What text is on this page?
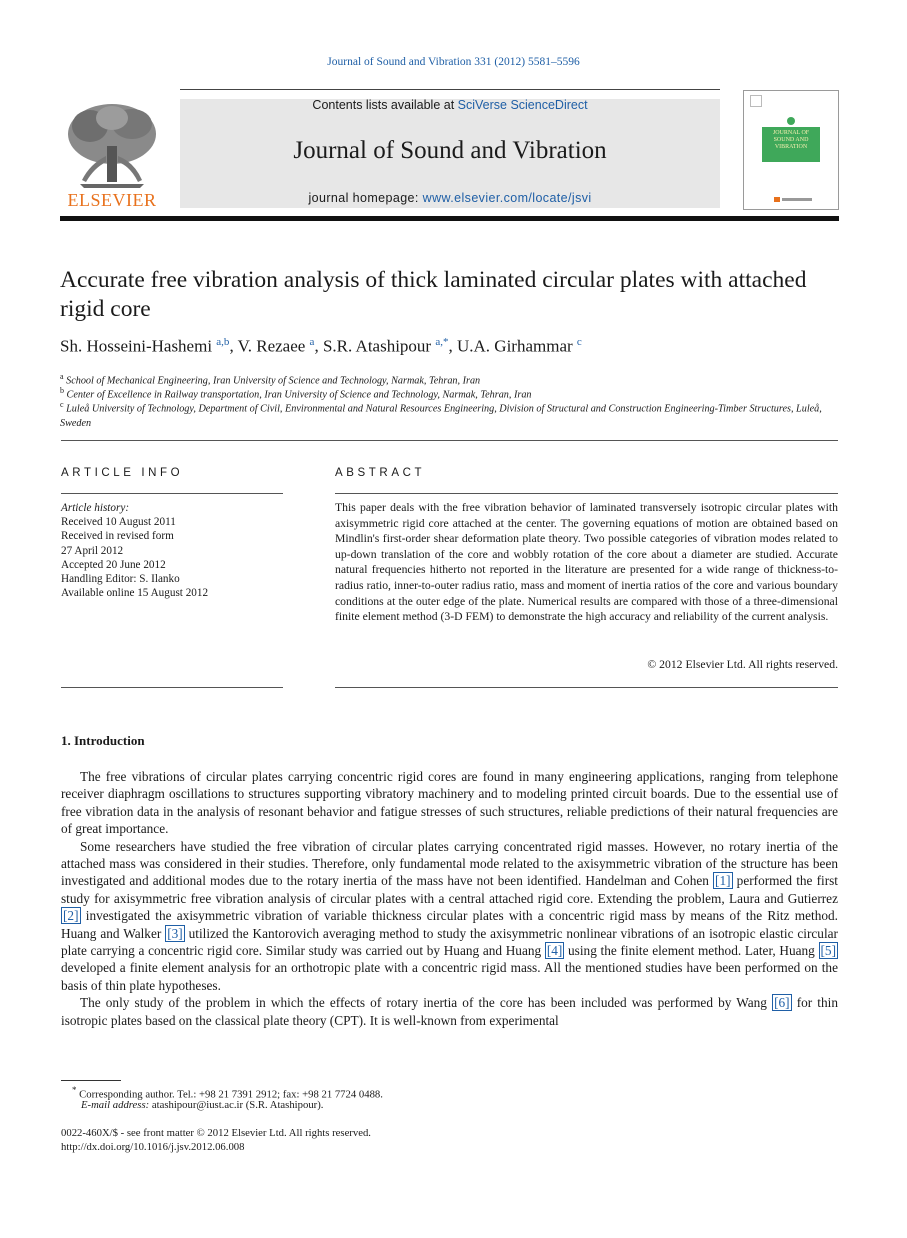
Journal of Sound and Vibration 331 (2012) 5581–5596
ELSEVIER
Contents lists available at SciVerse ScienceDirect
Journal of Sound and Vibration
journal homepage: www.elsevier.com/locate/jsvi
JOURNAL OF SOUND AND VIBRATION
Accurate free vibration analysis of thick laminated circular plates with attached rigid core
Sh. Hosseini-Hashemi $^{a,b}$, V. Rezaee $^a$, S.R. Atashipour $^{a,*}$, U.A. Girhammar $^c$
$^a$ School of Mechanical Engineering, Iran University of Science and Technology, Narmak, Tehran, Iran
$^b$ Center of Excellence in Railway transportation, Iran University of Science and Technology, Narmak, Tehran, Iran
$^c$ Luleå University of Technology, Department of Civil, Environmental and Natural Resources Engineering, Division of Structural and Construction Engineering-Timber Structures, Luleå, Sweden
ARTICLE INFO
Article history:
Received 10 August 2011
Received in revised form
27 April 2012
Accepted 20 June 2012
Handling Editor: S. Ilanko
Available online 15 August 2012
ABSTRACT
This paper deals with the free vibration behavior of laminated transversely isotropic circular plates with axisymmetric rigid core attached at the center. The governing equations of motion are obtained based on Mindlin's first-order shear deformation plate theory. Two possible categories of vibration modes related to up-down translation of the core and wobbly rotation of the core about a diameter are studied. Accurate natural frequencies hitherto not reported in the literature are presented for a wide range of thickness-to-radius ratio, inner-to-outer radius ratio, mass and moment of inertia ratios of the core and various boundary conditions at the outer edge of the plate. Numerical results are compared with those of a three-dimensional finite element method (3-D FEM) to demonstrate the high accuracy and reliability of the current analysis.
© 2012 Elsevier Ltd. All rights reserved.
1. Introduction

The free vibrations of circular plates carrying concentric rigid cores are found in many engineering applications, ranging from telephone receiver diaphragm oscillations to structures supporting vibratory machinery and to modeling printed circuit boards. Due to the essential use of free vibration data in the analysis of resonant behavior and fatigue stresses of such structures, reliable predictions of their natural frequencies are of great importance.

Some researchers have studied the free vibration of circular plates carrying concentrated rigid masses. However, no rotary inertia of the attached mass was considered in their studies. Therefore, only fundamental mode related to the axisymmetric vibration of the structure has been investigated and additional modes due to the rotary inertia of the mass have not been identified. Handelman and Cohen [1] performed the first study for axisymmetric free vibration analysis of circular plates with a central attached rigid core. Extending the problem, Laura and Gutierrez [2] investigated the axisymmetric vibration of variable thickness circular plates with a concentric rigid mass by means of the Ritz method. Huang and Walker [3] utilized the Kantorovich averaging method to study the axisymmetric nonlinear vibrations of an isotropic elastic circular plate carrying a concentric rigid core. Similar study was carried out by Huang and Huang [4] using the finite element method. Later, Huang [5] developed a finite element analysis for an orthotropic plate with a concentric rigid mass. All the mentioned studies have been performed on the basis of thin plate hypotheses.

The only study of the problem in which the effects of rotary inertia of the core has been included was performed by Wang [6] for thin isotropic plates based on the classical plate theory (CPT). It is well-known from experimental

* Corresponding author. Tel.: +98 21 7391 2912; fax: +98 21 7724 0488.
E-mail address: atashipour@iust.ac.ir (S.R. Atashipour).
0022-460X/$ - see front matter © 2012 Elsevier Ltd. All rights reserved.
http://dx.doi.org/10.1016/j.jsv.2012.06.008
